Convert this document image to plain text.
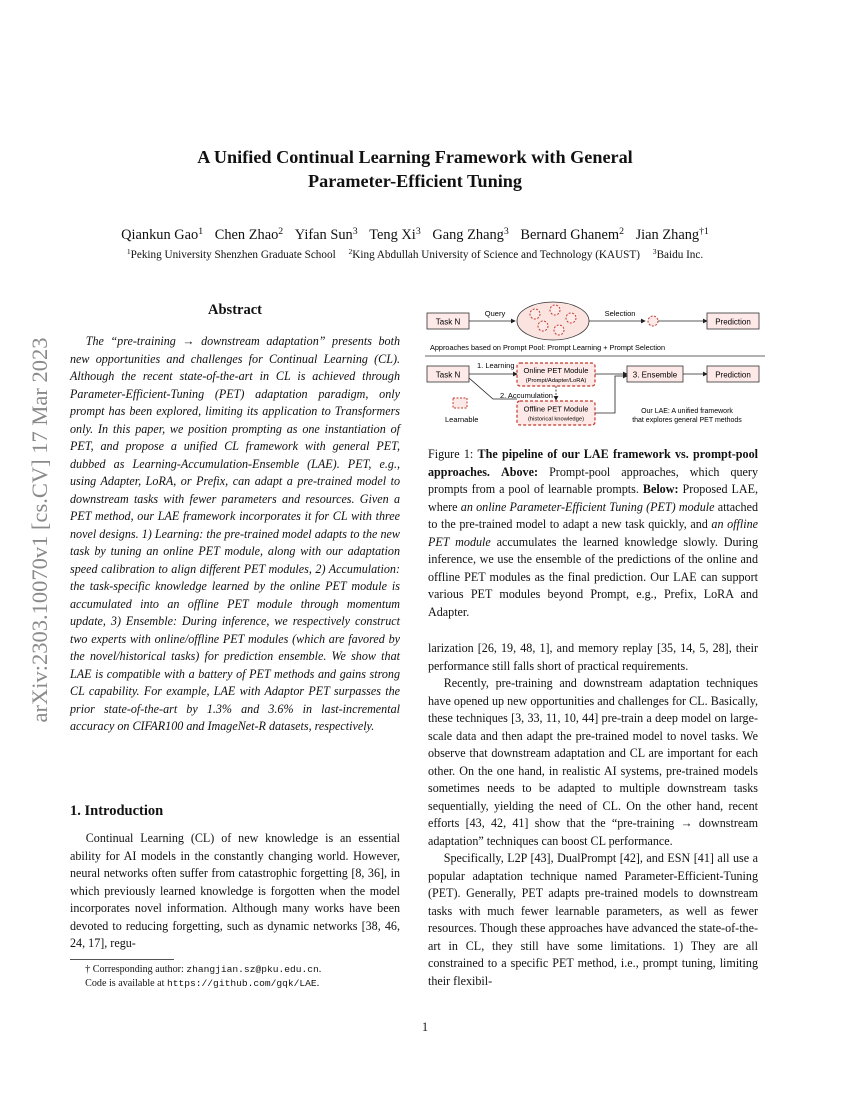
arXiv:2303.10070v1 [cs.CV] 17 Mar 2023
A Unified Continual Learning Framework with General
Parameter-Efficient Tuning
Qiankun Gao$^1$ Chen Zhao$^2$ Yifan Sun$^3$ Teng Xi$^3$ Gang Zhang$^3$ Bernard Ghanem$^2$ Jian Zhang$^{\dagger 1}$
$^1$Peking University Shenzhen Graduate School $^2$King Abdullah University of Science and Technology (KAUST) $^3$Baidu Inc.
Abstract

The “pre-training → downstream adaptation” presents both new opportunities and challenges for Continual Learning (CL). Although the recent state-of-the-art in CL is achieved through Parameter-Efficient-Tuning (PET) adaptation paradigm, only prompt has been explored, limiting its application to Transformers only. In this paper, we position prompting as one instantiation of PET, and propose a unified CL framework with general PET, dubbed as Learning-Accumulation-Ensemble (LAE). PET, e.g., using Adapter, LoRA, or Prefix, can adapt a pre-trained model to downstream tasks with fewer parameters and resources. Given a PET method, our LAE framework incorporates it for CL with three novel designs. 1) Learning: the pre-trained model adapts to the new task by tuning an online PET module, along with our adaptation speed calibration to align different PET modules, 2) Accumulation: the task-specific knowledge learned by the online PET module is accumulated into an offline PET module through momentum update, 3) Ensemble: During inference, we respectively construct two experts with online/offline PET modules (which are favored by the novel/historical tasks) for prediction ensemble. We show that LAE is compatible with a battery of PET methods and gains strong CL capability. For example, LAE with Adaptor PET surpasses the prior state-of-the-art by 1.3% and 3.6% in last-incremental accuracy on CIFAR100 and ImageNet-R datasets, respectively.

1. Introduction

Continual Learning (CL) of new knowledge is an essential ability for AI models in the constantly changing world. However, neural networks often suffer from catastrophic forgetting [8, 36], in which previously learned knowledge is forgotten when the model incorporates novel information. Although many works have been devoted to reducing forgetting, such as dynamic networks [38, 46, 24, 17], regu-

† Corresponding author: zhangjian.sz@pku.edu.cn.
Code is available at https://github.com/gqk/LAE.
Task N
Query	Selection
Prediction
Approaches based on Prompt Pool: Prompt Learning + Prompt Selection
Task N
1. Learning
Online PET Module
(Prompt/Adapter/LoRA)
3. Ensemble	Prediction
2. Accumulation
Offline PET Module
(historical knowledge)
Learnable
Our LAE: A unified framework
that explores general PET methods

Figure 1: The pipeline of our LAE framework vs. prompt-pool approaches. Above: Prompt-pool approaches, which query prompts from a pool of learnable prompts. Below: Proposed LAE, where an online Parameter-Efficient Tuning (PET) module attached to the pre-trained model to adapt a new task quickly, and an offline PET module accumulates the learned knowledge slowly. During inference, we use the ensemble of the predictions of the online and offline PET modules as the final prediction. Our LAE can support various PET modules beyond Prompt, e.g., Prefix, LoRA and Adapter.

larization [26, 19, 48, 1], and memory replay [35, 14, 5, 28], their performance still falls short of practical requirements.

Recently, pre-training and downstream adaptation techniques have opened up new opportunities and challenges for CL. Basically, these techniques [3, 33, 11, 10, 44] pre-train a deep model on large-scale data and then adapt the pre-trained model to novel tasks. We observe that downstream adaptation and CL are important for each other. On the one hand, in realistic AI systems, pre-trained models sometimes needs to be adapted to multiple downstream tasks sequentially, yielding the need of CL. On the other hand, recent efforts [43, 42, 41] show that the “pre-training → downstream adaptation” techniques can boost CL performance.

Specifically, L2P [43], DualPrompt [42], and ESN [41] all use a popular adaptation technique named Parameter-Efficient-Tuning (PET). Generally, PET adapts pre-trained models to downstream tasks with much fewer learnable parameters, as well as fewer resources. Though these approaches have advanced the state-of-the-art in CL, they still have some limitations. 1) They are all constrained to a specific PET method, i.e., prompt tuning, limiting their flexibil-

1
